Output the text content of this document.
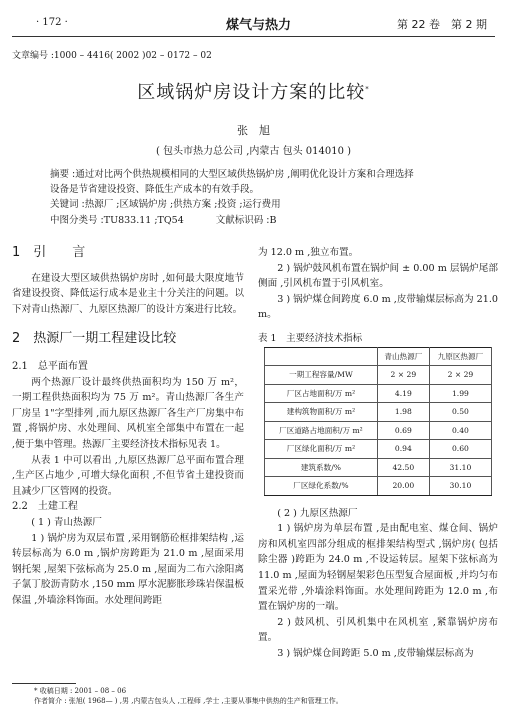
· 172 ·	煤气与热力	第 22 卷　第 2 期
文章编号 :1000 – 4416( 2002 )02 – 0172 – 02
区域锅炉房设计方案的比较*
张　旭
( 包头市热力总公司 ,内蒙古 包头 014010 )

摘要 :通过对比两个供热规模相同的大型区域供热锅炉房 ,阐明优化设计方案和合理选择

设备是节省建设投资、降低生产成本的有效手段。

关键词 :热源厂 ;区域锅炉房 ;供热方案 ;投资 ;运行费用

中图分类号 :TU833.11 ;TQ54	文献标识码 :B

1　引　　言

在建设大型区域供热锅炉房时 ,如何最大限度地节省建设投资、降低运行成本是业主十分关注的问题。以下对青山热源厂、九原区热源厂的设计方案进行比较。

2　热源厂一期工程建设比较

2.1　总平面布置

两个热源厂设计最终供热面积均为 150 万 m²，一期工程供热面积均为 75 万 m²。青山热源厂各生产厂房呈 1"字型排列 ,而九原区热源厂各生产厂房集中布置 ,将锅炉房、水处理间、风机室全部集中布置在一起 ,便于集中管理。热源厂主要经济技术指标见表 1。

从表 1 中可以看出 ,九原区热源厂总平面布置合理 ,生产区占地少 ,可增大绿化面积 ,不但节省土建投资而且减少厂区管网的投资。

2.2　土建工程

( 1 ) 青山热源厂

1 ) 锅炉房为双层布置 ,采用钢筋砼框排架结构 ,运转层标高为 6.0 m ,锅炉房跨距为 21.0 m ,屋面采用钢托架 ,屋架下弦标高为 25.0 m ,屋面为二布六涂阳离子氯丁胶沥青防水 ,150 mm 厚水泥膨胀珍珠岩保温板保温 ,外墙涂料饰面。水处理间跨距

为 12.0 m ,独立布置。

2 ) 锅炉鼓风机布置在锅炉间 ± 0.00 m 层锅炉尾部侧面 ,引风机布置于引风机室。

3 ) 锅炉煤仓间跨度 6.0 m ,皮带输煤层标高为 21.0 m。

表 1　主要经济技术指标

	青山热源厂	九原区热源厂
一期工程容量/MW	2 × 29	2 × 29
厂区占地面积/万 m²	4.19	1.99
建构筑物面积/万 m²	1.98	0.50
厂区道路占地面积/万 m²	0.69	0.40
厂区绿化面积/万 m²	0.94	0.60
建筑系数/%	42.50	31.10
厂区绿化系数/%	20.00	30.10

( 2 ) 九原区热源厂

1 ) 锅炉房为单层布置 ,是由配电室、煤仓间、锅炉房和风机室四部分组成的框排架结构型式 ,锅炉房( 包括除尘器 )跨距为 24.0 m ,不设运转层。屋架下弦标高为 11.0 m ,屋面为轻钢屋架彩色压型复合屋面板 ,并均匀布置采光带 ,外墙涂料饰面。水处理间跨距为 12.0 m ,布置在锅炉房的一端。

2 ) 鼓风机、引风机集中在风机室 ,紧靠锅炉房布置。

3 ) 锅炉煤仓间跨距 5.0 m ,皮带输煤层标高为

* 收稿日期 : 2001 – 08 – 06
作者简介 : 张旭( 1968— ) ,男 ,内蒙古包头人 ,工程师 ,学士 ,主要从事集中供热的生产和管理工作。
